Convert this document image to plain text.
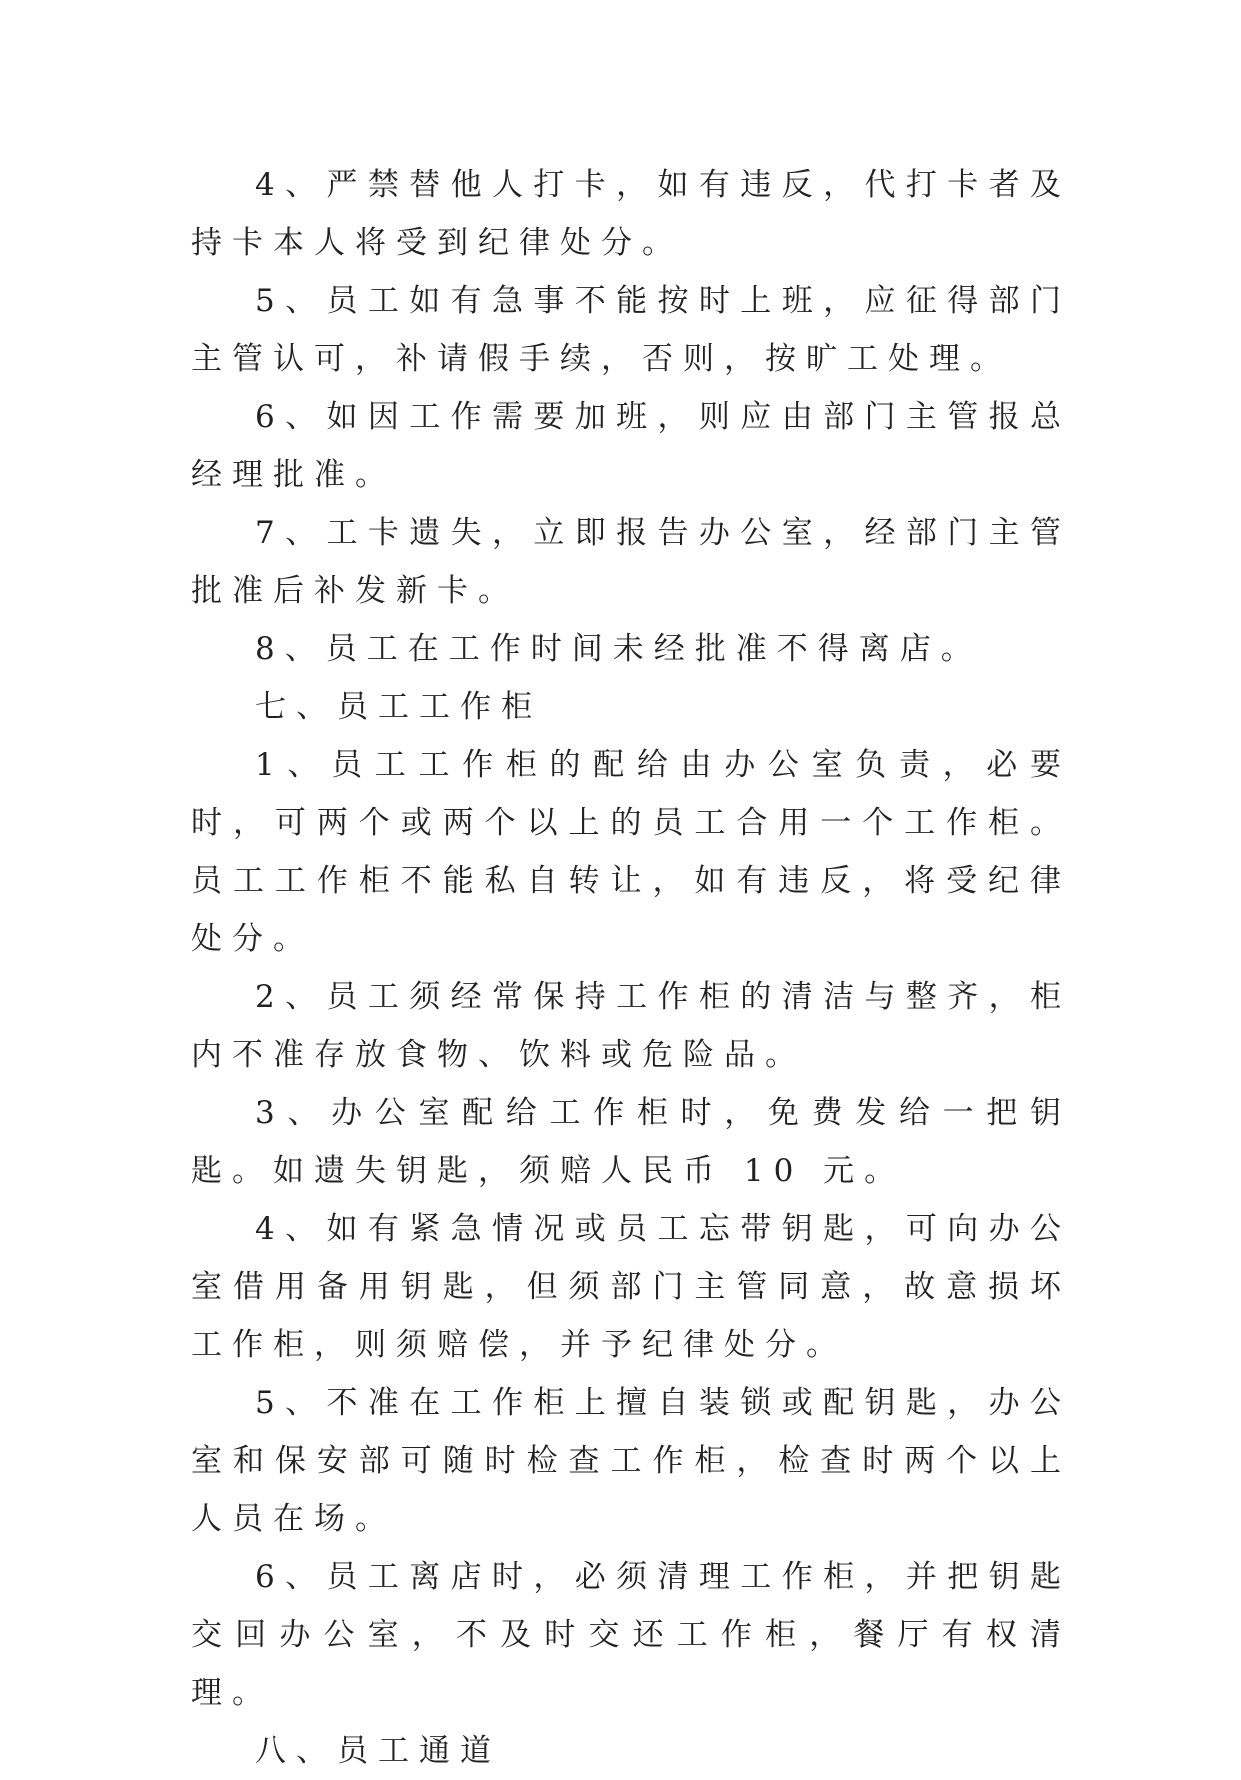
4、严禁替他人打卡，如有违反，代打卡者及持卡本人将受到纪律处分。

5、员工如有急事不能按时上班，应征得部门主管认可，补请假手续，否则，按旷工处理。

6、如因工作需要加班，则应由部门主管报总经理批准。

7、工卡遗失，立即报告办公室，经部门主管批准后补发新卡。

8、员工在工作时间未经批准不得离店。

七、员工工作柜

1、员工工作柜的配给由办公室负责，必要时，可两个或两个以上的员工合用一个工作柜。员工工作柜不能私自转让，如有违反，将受纪律处分。

2、员工须经常保持工作柜的清洁与整齐，柜内不准存放食物、饮料或危险品。

3、办公室配给工作柜时，免费发给一把钥匙。如遗失钥匙，须赔人民币 10 元。

4、如有紧急情况或员工忘带钥匙，可向办公室借用备用钥匙，但须部门主管同意，故意损坏工作柜，则须赔偿，并予纪律处分。

5、不准在工作柜上擅自装锁或配钥匙，办公室和保安部可随时检查工作柜，检查时两个以上人员在场。

6、员工离店时，必须清理工作柜，并把钥匙交回办公室，不及时交还工作柜，餐厅有权清理。

八、员工通道
